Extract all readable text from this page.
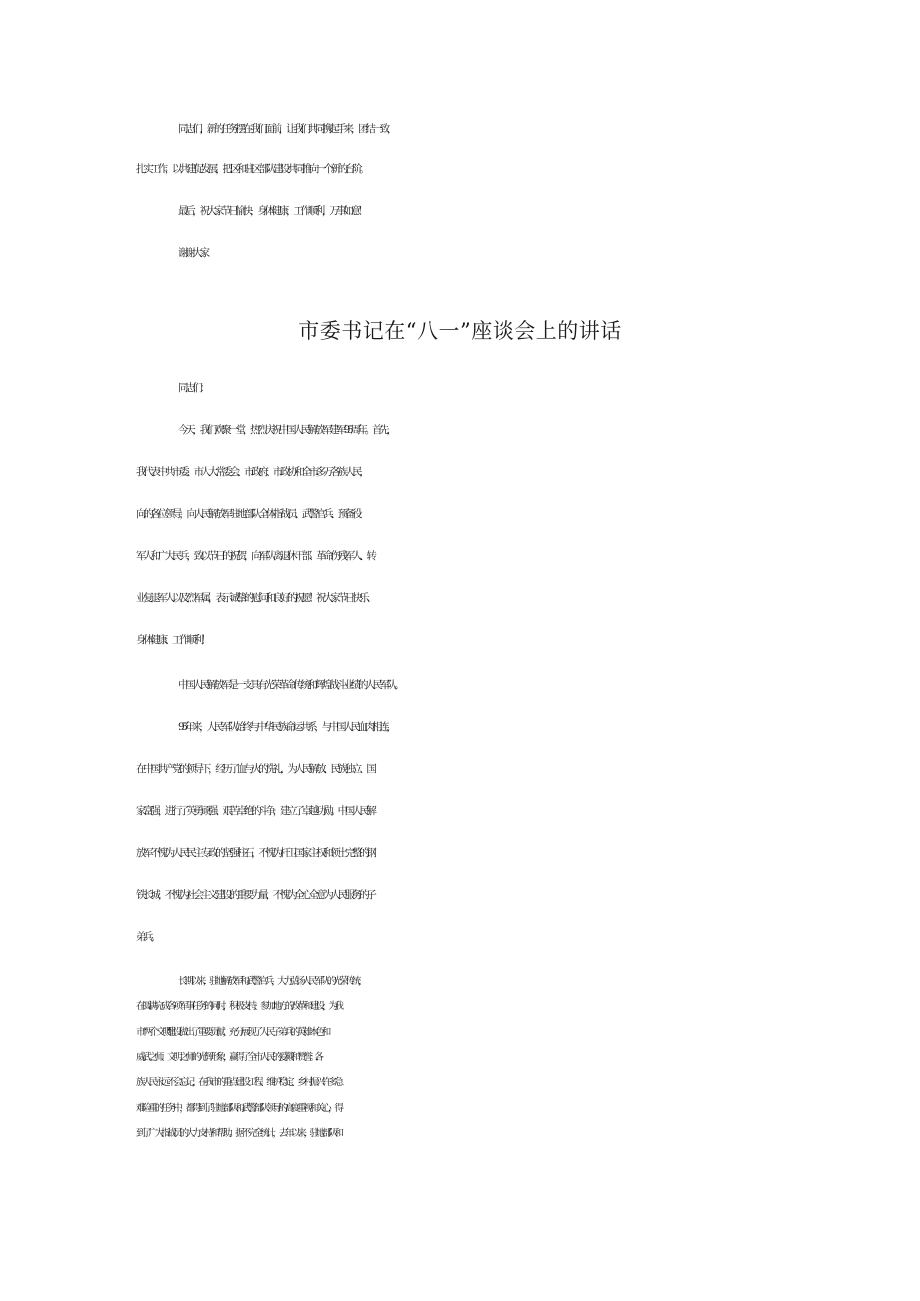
同志们，新的任务摆在我们面前，让我们共同携起手来，团结一致，
扎实工作，以共建促发展，把...区和驻区部队建设共同推向一个新的台阶。
最后，祝大家节日愉快，身体健康，工作顺利，万事如意！
谢谢大家
市委书记在“八一”座谈会上的讲话
同志们：
今天，我们欢聚一堂，热烈庆祝中国人民解放军建军95周年。首先，
我代表中共市委、市人大常委会、市政府、市政协和全市...多万各族人民，
向...的各位领导，向人民解放军驻地部队全体指战员、武警官兵、预备役
军人和广大民兵，致以节日的祝贺，向军队离退休干部、革命伤残军人、转
业复退军人以及烈军属，表示诚挚的慰问和良好的祝愿！祝大家节日快乐、
身体健康、工作顺利！
中国人民解放军是一支具有光荣革命传统和辉煌战斗业绩的人民军队。
95年来，人民军队始终与中华民族命运共系，与中国人民血肉相连，
在中国共产党的领导下，经历了血与火的洗礼，为人民解放、民族独立、国
家富强，进行了英勇顽强、艰苦卓绝的斗争，建立了卓越功勋。中国人民解
放军不愧为人民民主专政的坚强柱石，不愧为杆卫国家主权和领土完整的钢
铁长城，不愧为社会主义建设的重要力量，不愧为全心全意为人民服务的子
弟兵。
长期以来，驻地解放军和武警官兵，大力弘扬人民军队的光荣传统，
在圆满完成各项军事任务的同时，积极支持、参加地方的改革和建设，为我
市“两个文明''建设做出了重要贡献，充分展现了人民子弟兵的英雄本色和
威武之师、文明之师的光辉形象，赢得了全市人民的爱戴和赞誉。...各
族人民永远不会忘记，在我市的重点建设工程、维护稳定、乡村振兴许多急
难险重的任务中，都得到了驻地部队和武警部队领导的高度重视和关心，得
到了广大指战员的大力支持和帮助。据不完全统计，去年以来，驻地部队和
